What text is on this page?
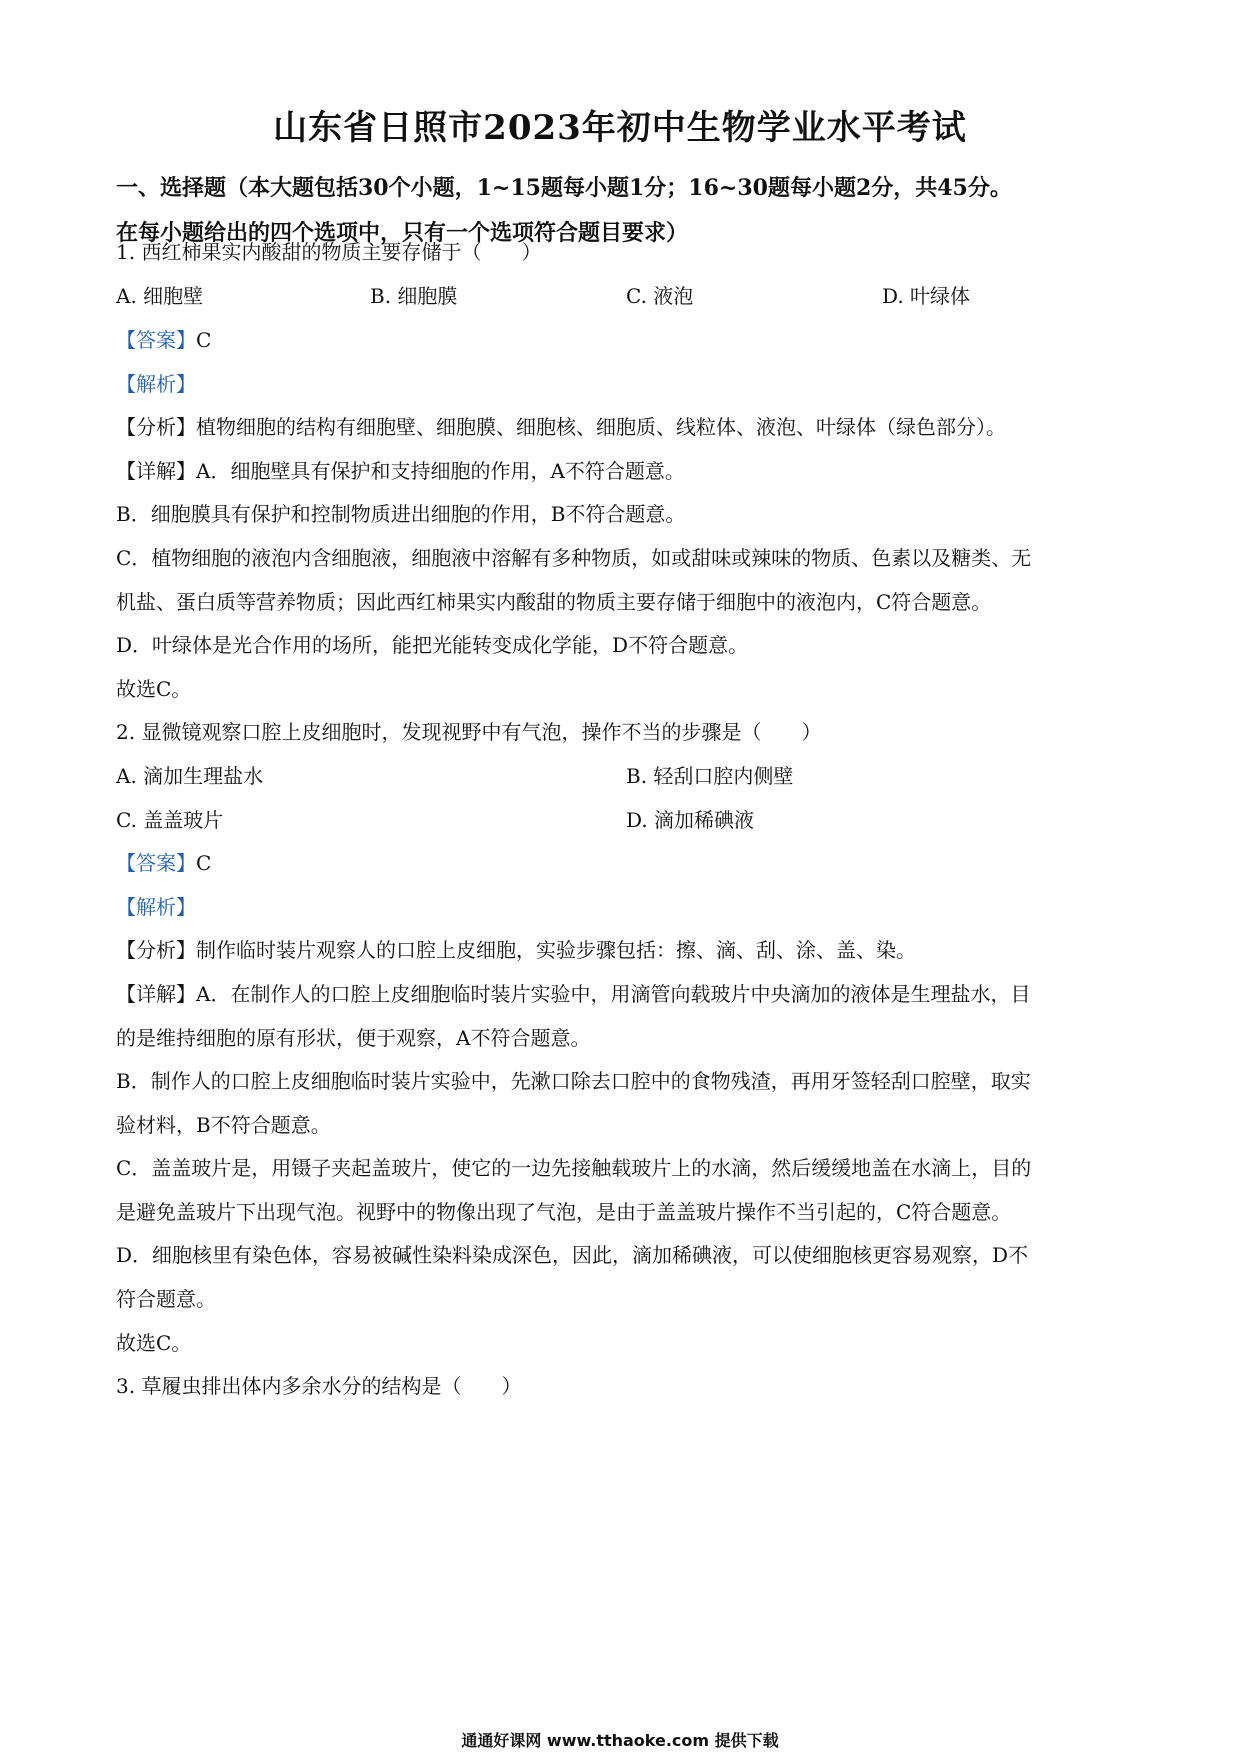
山东省日照市2023年初中生物学业水平考试
一、选择题（本大题包括30个小题，1~15题每小题1分；16~30题每小题2分，共45分。
在每小题给出的四个选项中，只有一个选项符合题目要求）
1. 西红柿果实内酸甜的物质主要存储于（　　）
A. 细胞壁	B. 细胞膜	C. 液泡	D. 叶绿体
【答案】C
【解析】
【分析】植物细胞的结构有细胞壁、细胞膜、细胞核、细胞质、线粒体、液泡、叶绿体（绿色部分）。
【详解】A．细胞壁具有保护和支持细胞的作用，A不符合题意。
B．细胞膜具有保护和控制物质进出细胞的作用，B不符合题意。
C．植物细胞的液泡内含细胞液，细胞液中溶解有多种物质，如或甜味或辣味的物质、色素以及糖类、无
机盐、蛋白质等营养物质；因此西红柿果实内酸甜的物质主要存储于细胞中的液泡内，C符合题意。
D．叶绿体是光合作用的场所，能把光能转变成化学能，D不符合题意。
故选C。
2. 显微镜观察口腔上皮细胞时，发现视野中有气泡，操作不当的步骤是（　　）
A. 滴加生理盐水	B. 轻刮口腔内侧壁
C. 盖盖玻片	D. 滴加稀碘液
【答案】C
【解析】
【分析】制作临时装片观察人的口腔上皮细胞，实验步骤包括：擦、滴、刮、涂、盖、染。
【详解】A．在制作人的口腔上皮细胞临时装片实验中，用滴管向载玻片中央滴加的液体是生理盐水，目
的是维持细胞的原有形状，便于观察，A不符合题意。
B．制作人的口腔上皮细胞临时装片实验中，先漱口除去口腔中的食物残渣，再用牙签轻刮口腔壁，取实
验材料，B不符合题意。
C．盖盖玻片是，用镊子夹起盖玻片，使它的一边先接触载玻片上的水滴，然后缓缓地盖在水滴上，目的
是避免盖玻片下出现气泡。视野中的物像出现了气泡，是由于盖盖玻片操作不当引起的，C符合题意。
D．细胞核里有染色体，容易被碱性染料染成深色，因此，滴加稀碘液，可以使细胞核更容易观察，D不
符合题意。
故选C。
3. 草履虫排出体内多余水分的结构是（　　）
通通好课网 www.tthaoke.com 提供下载
